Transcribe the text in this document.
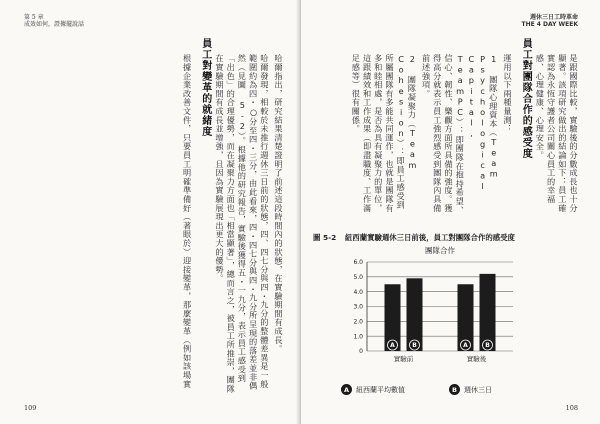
第 5 章
成效如何，證據擺說話

哈爾指出，研究結果清楚證明了前述這段時間內的狀態，在實驗期間有成長。

哈爾發現，相較於未推行週休三日前的狀態，四、四七分與四・九分的整體差異是一般範圍約為四・○分至四・三分，由此看來，四・四七分與四・九分所呈現的落差並非偶然（見圖 5-2）。根據他的研究報告，實驗後獲得五・一九分，表示員工感受到「出色」的合理優勢，而在凝聚力方面也「相當顯著」，總而言之，被員工所推崇，團隊在實驗期間有成長並增強，且因為實驗展現出更大的優勢。

員工對變革的就緒度

根據企業改善文件，只要員工明確準備好（著眼於）迎接變革，那麼變革（例如該場實

109
週休三日工時革命
THE 4 DAY WEEK

是跟國際比較，實驗後的分數成長也十分顯著。該項研究做出的結論如下：員工確實認為永恆守護者公司關心員工的幸福感、心理健康、心理安全。

員工對團隊合作的感受度

運用以下兩種量測：

1 團隊心理資本（Team Psychological Capital, TeamPC）：即團隊在抱持希望、信心、韌性、樂觀方面所具備的強度。獲得高分就表示員工強烈感受到團隊內具備前述強項。

2 團隊凝聚力（Team Cohesion）：即員工感受到所屬團隊有多能共同運作，也就是團隊有多和睦相處，是否為具有凝聚力的單位，這跟績效和工作成果（即盡職度、工作滿足感等）很有關係。

圖 5-2 紐西蘭實驗週休三日前後，員工對團隊合作的感受度
團隊合作
0
1.0
2.0
3.0
4.0
5.0
6.0
A	B
實驗前
A	B
實驗後
A 紐西蘭平均數值	B	週休三日
108
